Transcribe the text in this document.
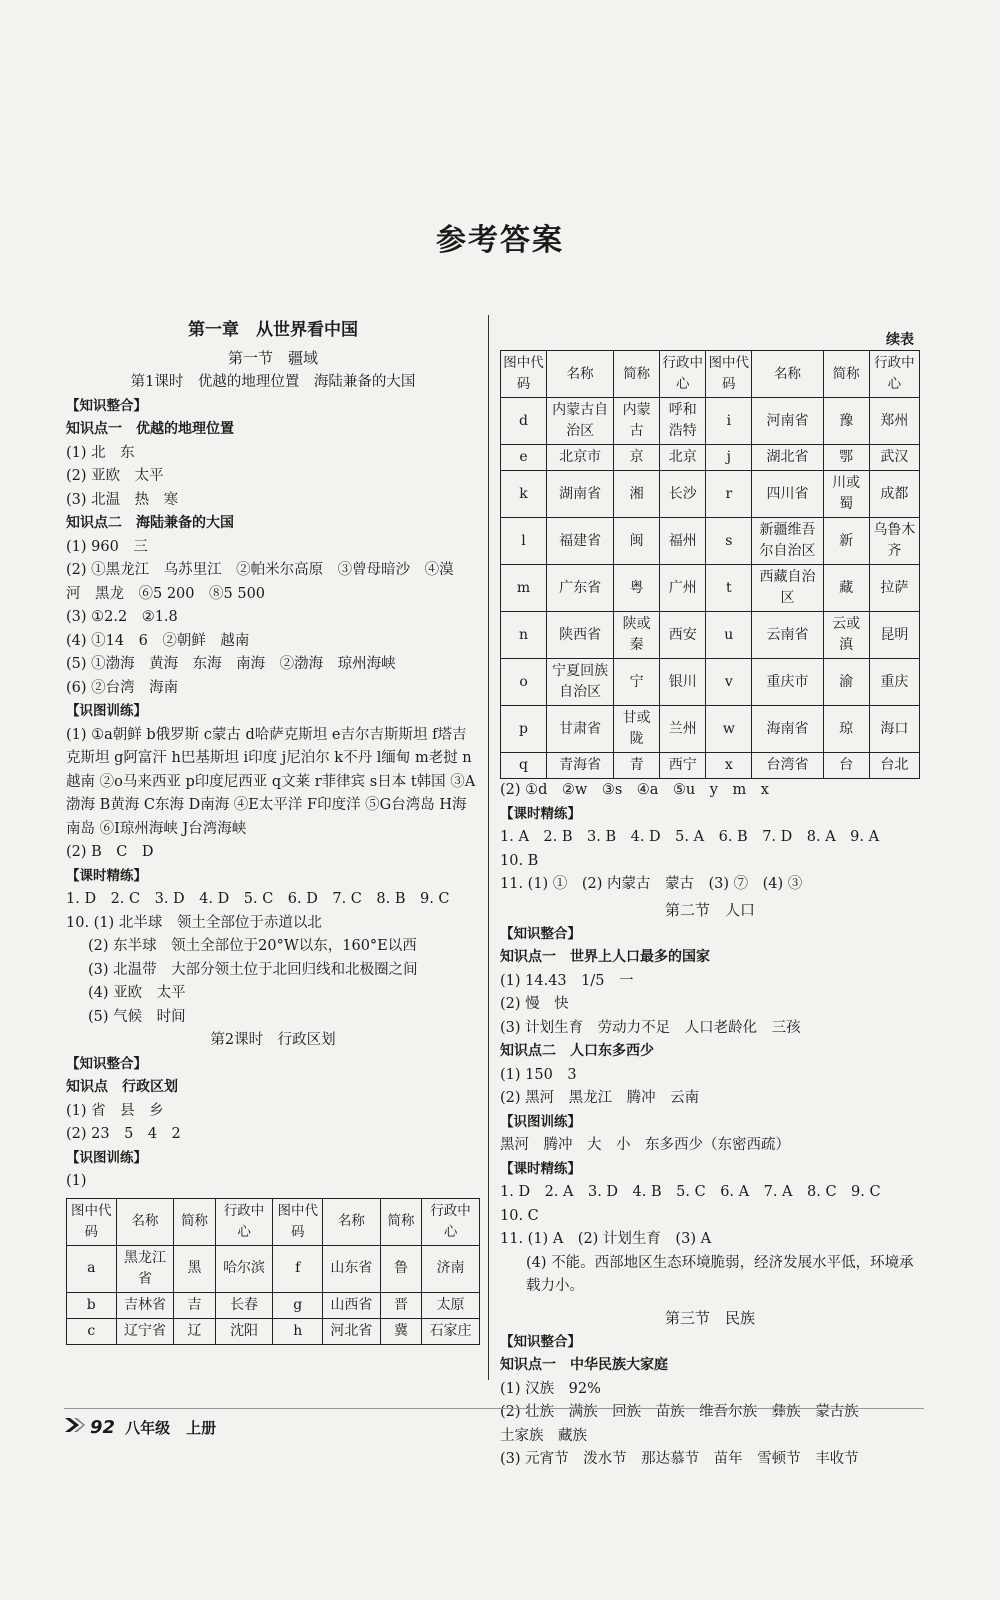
参考答案
第一章　从世界看中国
第一节　疆域
第1课时　优越的地理位置　海陆兼备的大国
【知识整合】
知识点一　优越的地理位置
(1) 北　东
(2) 亚欧　太平
(3) 北温　热　寒
知识点二　海陆兼备的大国
(1) 960　三
(2) ①黑龙江　乌苏里江　②帕米尔高原　③曾母暗沙　④漠
河　黑龙　⑥5 200　⑧5 500
(3) ①2.2　②1.8
(4) ①14　6　②朝鲜　越南
(5) ①渤海　黄海　东海　南海　②渤海　琼州海峡
(6) ②台湾　海南
【识图训练】
(1) ①a朝鲜 b俄罗斯 c蒙古 d哈萨克斯坦 e吉尔吉斯斯坦 f塔吉克斯坦 g阿富汗 h巴基斯坦 i印度 j尼泊尔 k不丹 l缅甸 m老挝 n越南 ②o马来西亚 p印度尼西亚 q文莱 r菲律宾 s日本 t韩国 ③A渤海 B黄海 C东海 D南海 ④E太平洋 F印度洋 ⑤G台湾岛 H海南岛 ⑥I琼州海峡 J台湾海峡
(2) B　C　D
【课时精练】
1. D　2. C　3. D　4. D　5. C　6. D　7. C　8. B　9. C
10. (1) 北半球　领土全部位于赤道以北
(2) 东半球　领土全部位于20°W以东，160°E以西
(3) 北温带　大部分领土位于北回归线和北极圈之间
(4) 亚欧　太平
(5) 气候　时间
第2课时　行政区划
【知识整合】
知识点　行政区划
(1) 省　县　乡
(2) 23　5　4　2
【识图训练】
(1)
图中代码	名称	简称	行政中心	图中代码	名称	简称	行政中心
a	黑龙江省	黑	哈尔滨	f	山东省	鲁	济南
b	吉林省	吉	长春	g	山西省	晋	太原
c	辽宁省	辽	沈阳	h	河北省	冀	石家庄
续表
图中代码	名称	简称	行政中心	图中代码	名称	简称	行政中心
d	内蒙古自治区	内蒙古	呼和浩特	i	河南省	豫	郑州
e	北京市	京	北京	j	湖北省	鄂	武汉
k	湖南省	湘	长沙	r	四川省	川或蜀	成都
l	福建省	闽	福州	s	新疆维吾尔自治区	新	乌鲁木齐
m	广东省	粤	广州	t	西藏自治区	藏	拉萨
n	陕西省	陕或秦	西安	u	云南省	云或滇	昆明
o	宁夏回族自治区	宁	银川	v	重庆市	渝	重庆
p	甘肃省	甘或陇	兰州	w	海南省	琼	海口
q	青海省	青	西宁	x	台湾省	台	台北
(2) ①d　②w　③s　④a　⑤u　y　m　x
【课时精练】
1. A　2. B　3. B　4. D　5. A　6. B　7. D　8. A　9. A
10. B
11. (1) ①　(2) 内蒙古　蒙古　(3) ⑦　(4) ③
第二节　人口
【知识整合】
知识点一　世界上人口最多的国家
(1) 14.43　1/5　一
(2) 慢　快
(3) 计划生育　劳动力不足　人口老龄化　三孩
知识点二　人口东多西少
(1) 150　3
(2) 黑河　黑龙江　腾冲　云南
【识图训练】
黑河　腾冲　大　小　东多西少（东密西疏）
【课时精练】
1. D　2. A　3. D　4. B　5. C　6. A　7. A　8. C　9. C
10. C
11. (1) A　(2) 计划生育　(3) A
(4) 不能。西部地区生态环境脆弱，经济发展水平低，环境承载力小。
第三节　民族
【知识整合】
知识点一　中华民族大家庭
(1) 汉族　92%
(2) 壮族　满族　回族　苗族　维吾尔族　彝族　蒙古族
土家族　藏族
(3) 元宵节　泼水节　那达慕节　苗年　雪顿节　丰收节
92 八年级 上册
